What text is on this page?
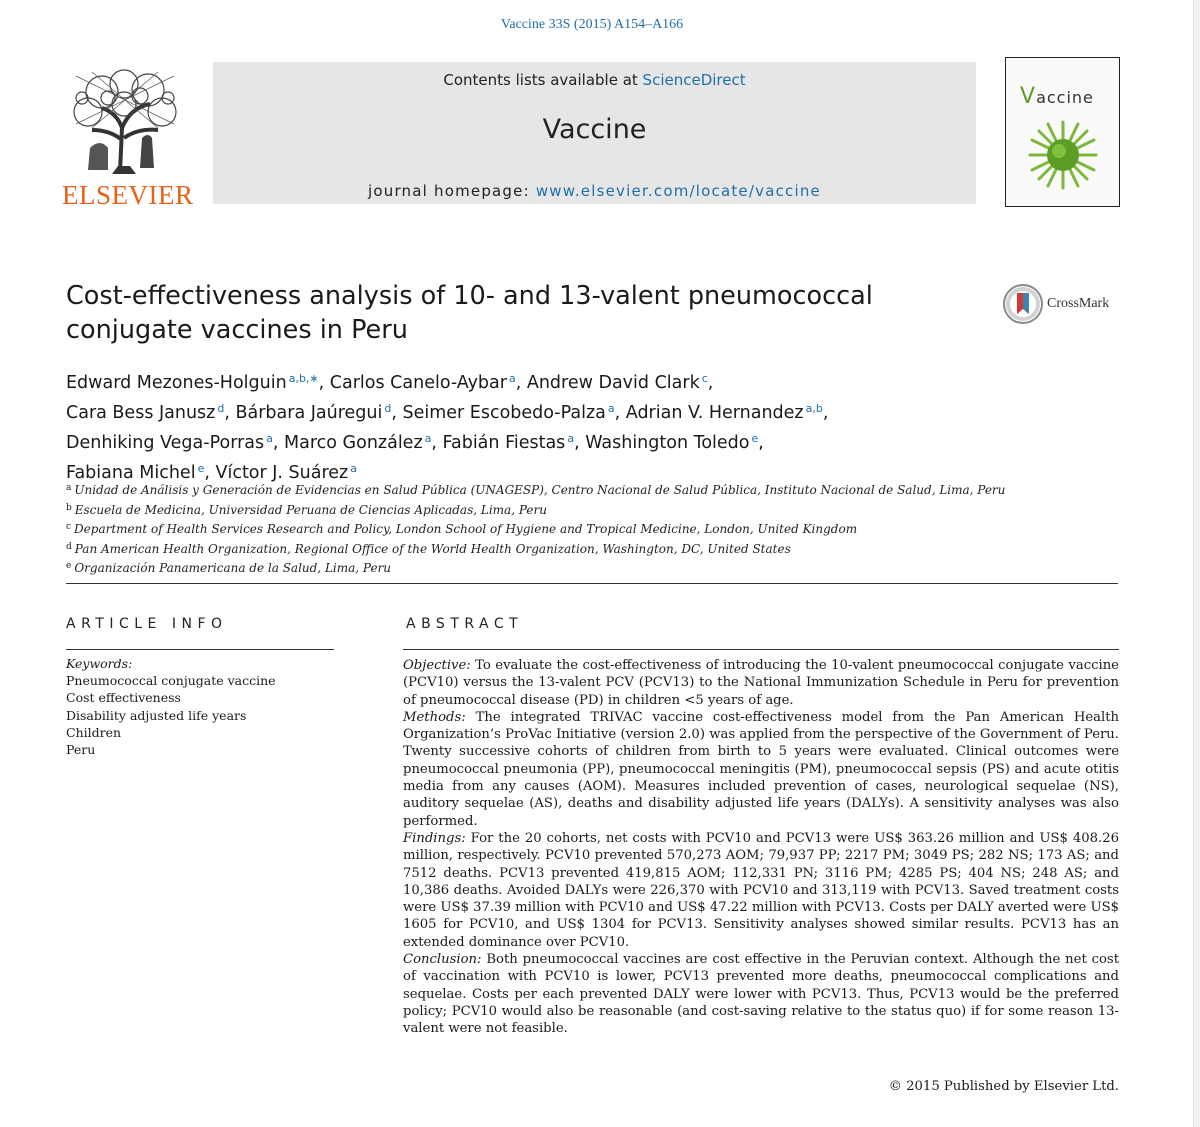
Vaccine 33S (2015) A154–A166
ELSEVIER
Contents lists available at ScienceDirect
Vaccine
journal homepage: www.elsevier.com/locate/vaccine
Vaccine
Cost-effectiveness analysis of 10- and 13-valent pneumococcal
conjugate vaccines in Peru
CrossMark
Edward Mezones-Holguin $^{a,b,∗}$, Carlos Canelo-Aybar $^a$, Andrew David Clark $^c$,
Cara Bess Janusz $^d$, Bárbara Jaúregui $^d$, Seimer Escobedo-Palza $^a$, Adrian V. Hernandez $^{a,b}$,
Denhiking Vega-Porras $^a$, Marco González $^a$, Fabián Fiestas $^a$, Washington Toledo $^e$,
Fabiana Michel $^e$, Víctor J. Suárez $^a$
$^a$ Unidad de Análisis y Generación de Evidencias en Salud Pública (UNAGESP), Centro Nacional de Salud Pública, Instituto Nacional de Salud, Lima, Peru
$^b$ Escuela de Medicina, Universidad Peruana de Ciencias Aplicadas, Lima, Peru
$^c$ Department of Health Services Research and Policy, London School of Hygiene and Tropical Medicine, London, United Kingdom
$^d$ Pan American Health Organization, Regional Office of the World Health Organization, Washington, DC, United States
$^e$ Organización Panamericana de la Salud, Lima, Peru
ARTICLE INFO
Keywords:
Pneumococcal conjugate vaccine
Cost effectiveness
Disability adjusted life years
Children
Peru
ABSTRACT

Objective: To evaluate the cost-effectiveness of introducing the 10-valent pneumococcal conjugate vaccine (PCV10) versus the 13-valent PCV (PCV13) to the National Immunization Schedule in Peru for prevention of pneumococcal disease (PD) in children <5 years of age.

Methods: The integrated TRIVAC vaccine cost-effectiveness model from the Pan American Health Organization’s ProVac Initiative (version 2.0) was applied from the perspective of the Government of Peru. Twenty successive cohorts of children from birth to 5 years were evaluated. Clinical outcomes were pneumococcal pneumonia (PP), pneumococcal meningitis (PM), pneumococcal sepsis (PS) and acute otitis media from any causes (AOM). Measures included prevention of cases, neurological sequelae (NS), auditory sequelae (AS), deaths and disability adjusted life years (DALYs). A sensitivity analyses was also performed.

Findings: For the 20 cohorts, net costs with PCV10 and PCV13 were US$ 363.26 million and US$ 408.26 million, respectively. PCV10 prevented 570,273 AOM; 79,937 PP; 2217 PM; 3049 PS; 282 NS; 173 AS; and 7512 deaths. PCV13 prevented 419,815 AOM; 112,331 PN; 3116 PM; 4285 PS; 404 NS; 248 AS; and 10,386 deaths. Avoided DALYs were 226,370 with PCV10 and 313,119 with PCV13. Saved treatment costs were US$ 37.39 million with PCV10 and US$ 47.22 million with PCV13. Costs per DALY averted were US$ 1605 for PCV10, and US$ 1304 for PCV13. Sensitivity analyses showed similar results. PCV13 has an extended dominance over PCV10.

Conclusion: Both pneumococcal vaccines are cost effective in the Peruvian context. Although the net cost of vaccination with PCV10 is lower, PCV13 prevented more deaths, pneumococcal complications and sequelae. Costs per each prevented DALY were lower with PCV13. Thus, PCV13 would be the preferred policy; PCV10 would also be reasonable (and cost-saving relative to the status quo) if for some reason 13-valent were not feasible.

© 2015 Published by Elsevier Ltd.
